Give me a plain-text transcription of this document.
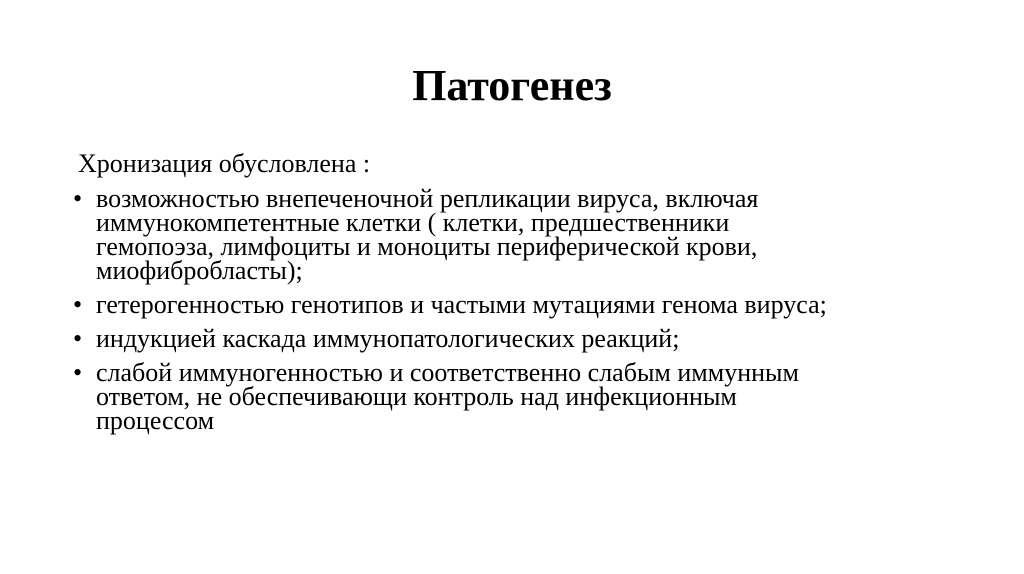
Патогенез
Хронизация обусловлена :
• возможностью внепеченочной репликации вируса, включая
иммунокомпетентные клетки ( клетки, предшественники
гемопоэза, лимфоциты и моноциты периферической крови,
миофибробласты);
• гетерогенностью генотипов и частыми мутациями генома вируса;
• индукцией каскада иммунопатологических реакций;
• слабой иммуногенностью и соответственно слабым иммунным
ответом, не обеспечивающи контроль над инфекционным
процессом
